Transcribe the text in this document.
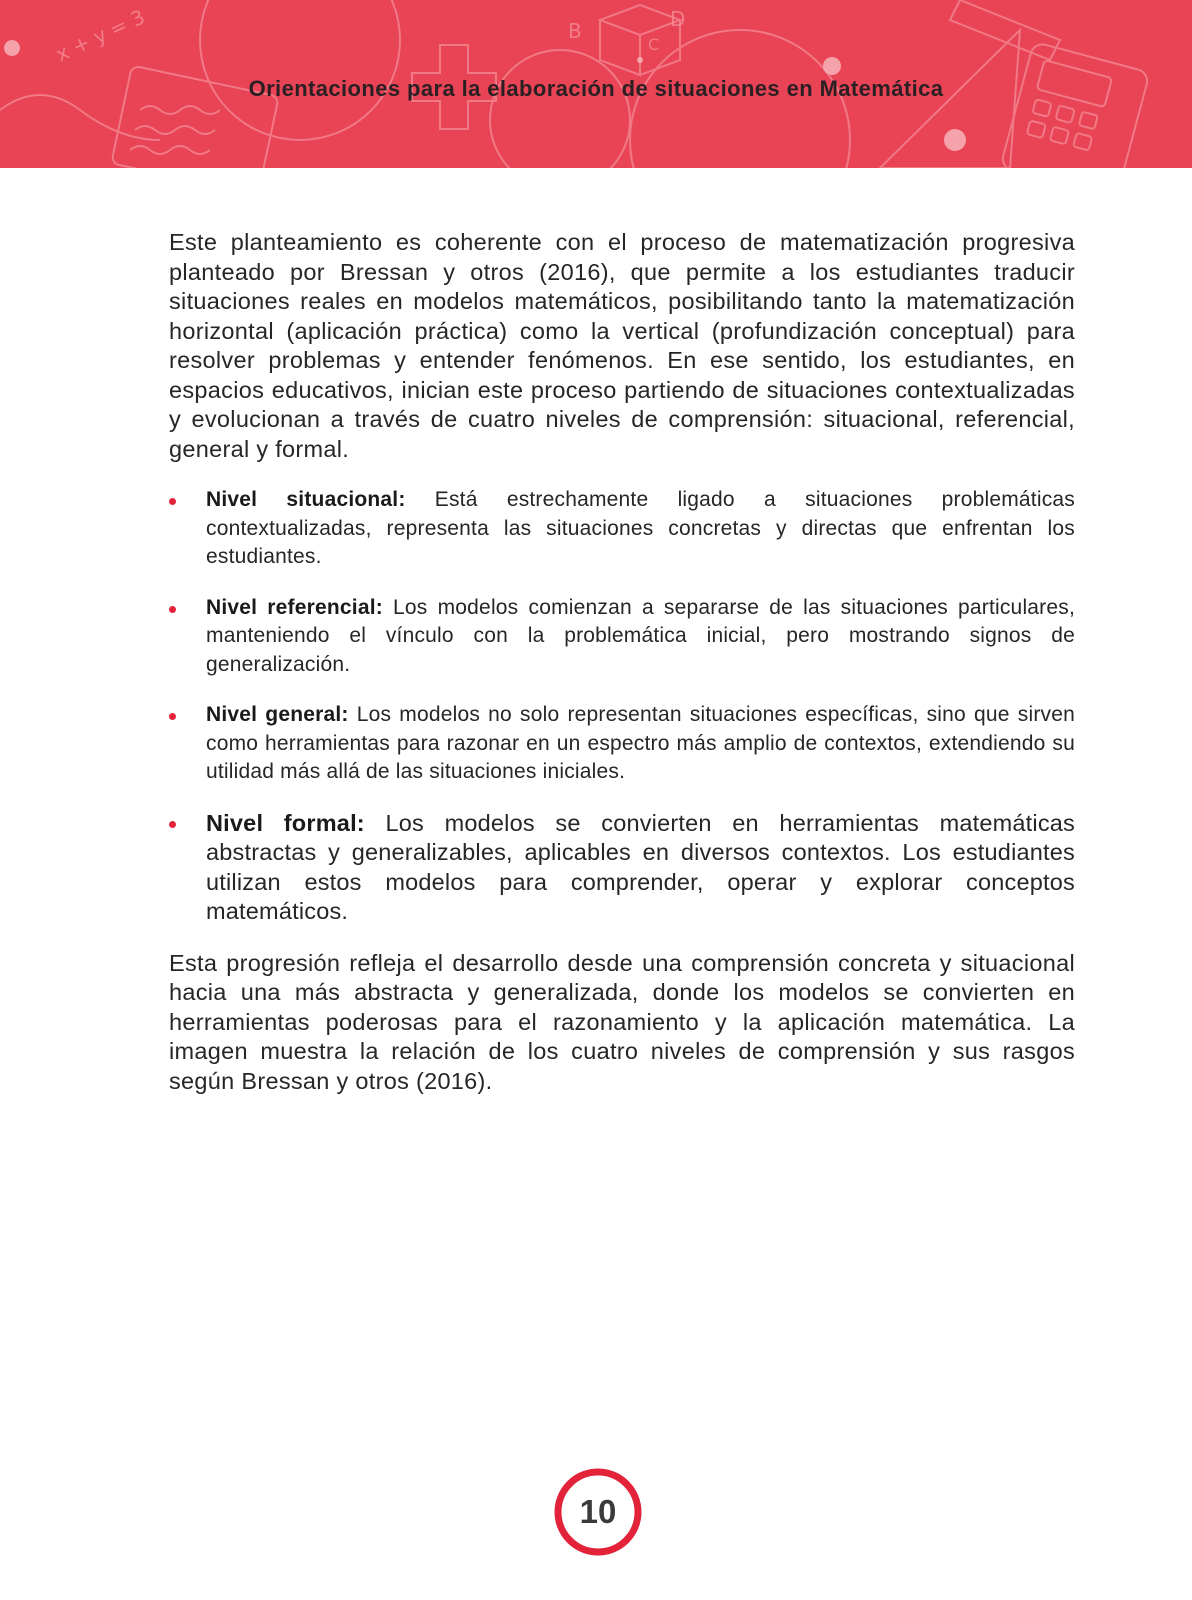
x + y = 3	B	D
C
Orientaciones para la elaboración de situaciones en Matemática

Este planteamiento es coherente con el proceso de matematización progresiva planteado por Bressan y otros (2016), que permite a los estudiantes traducir situaciones reales en modelos matemáticos, posibilitando tanto la matematización horizontal (aplicación práctica) como la vertical (profundización conceptual) para resolver problemas y entender fenómenos. En ese sentido, los estudiantes, en espacios educativos, inician este proceso partiendo de situaciones contextualizadas y evolucionan a través de cuatro niveles de comprensión: situacional, referencial, general y formal.

Nivel situacional: Está estrechamente ligado a situaciones problemáticas contextualizadas, representa las situaciones concretas y directas que enfrentan los estudiantes.
Nivel referencial: Los modelos comienzan a separarse de las situaciones particulares, manteniendo el vínculo con la problemática inicial, pero mostrando signos de generalización.
Nivel general: Los modelos no solo representan situaciones específicas, sino que sirven como herramientas para razonar en un espectro más amplio de contextos, extendiendo su utilidad más allá de las situaciones iniciales.
Nivel formal: Los modelos se convierten en herramientas matemáticas abstractas y generalizables, aplicables en diversos contextos. Los estudiantes utilizan estos modelos para comprender, operar y explorar conceptos matemáticos.

Esta progresión refleja el desarrollo desde una comprensión concreta y situacional hacia una más abstracta y generalizada, donde los modelos se convierten en herramientas poderosas para el razonamiento y la aplicación matemática. La imagen muestra la relación de los cuatro niveles de comprensión y sus rasgos según Bressan y otros (2016).

10
